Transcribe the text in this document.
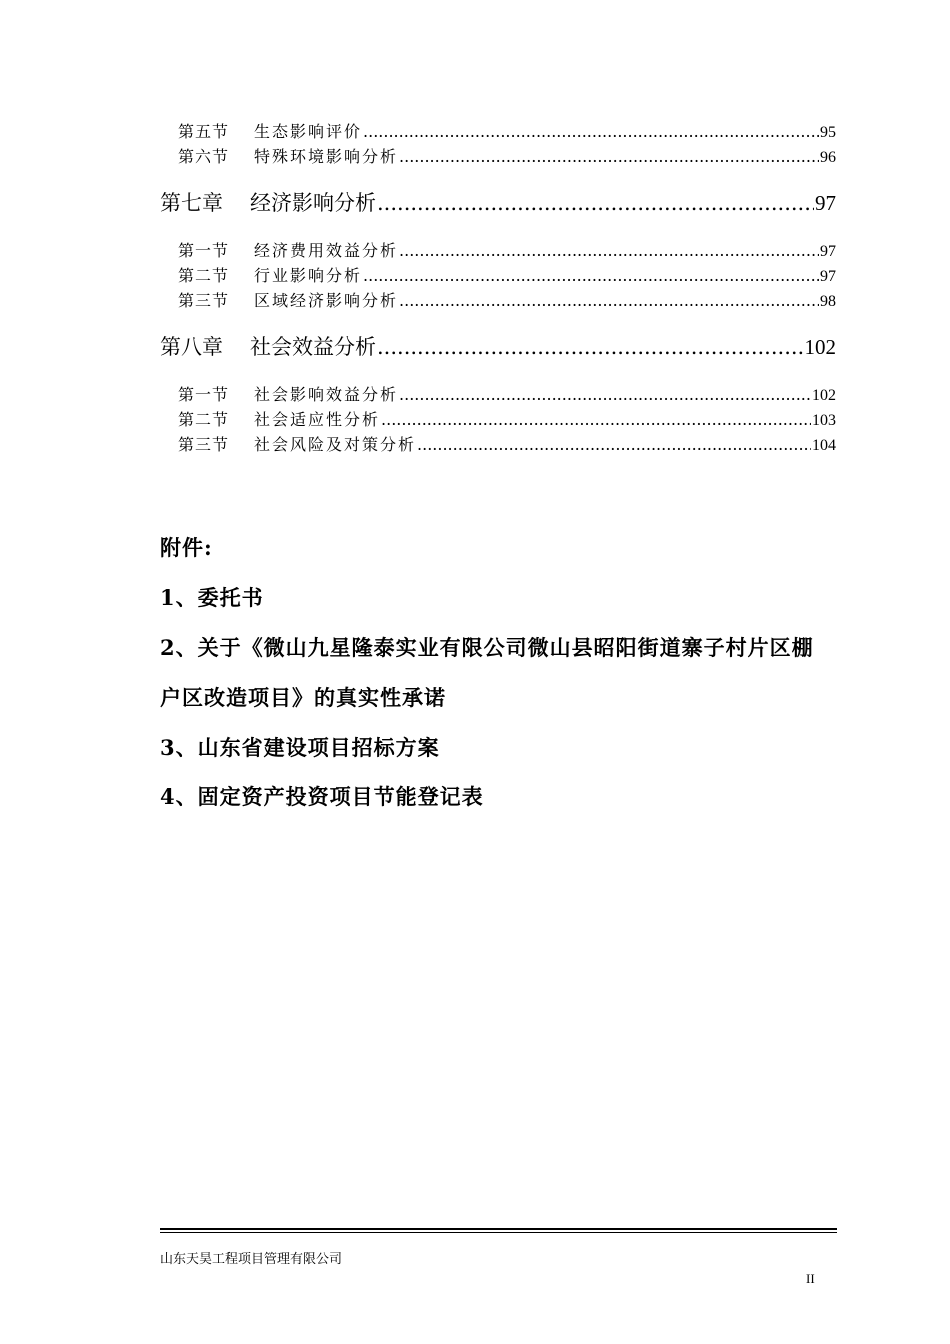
第五节	生态影响评价 .....	95
第六节	特殊环境影响分析 .....	96
第七章	经济影响分析 .....	97
第一节	经济费用效益分析 .....	97
第二节	行业影响分析 .....	97
第三节	区域经济影响分析 .....	98
第八章	社会效益分析 .....	102
第一节	社会影响效益分析 .....	102
第二节	社会适应性分析 .....	103
第三节	社会风险及对策分析 .....	104
附件:
1、委托书
2、关于《微山九星隆泰实业有限公司微山县昭阳街道寨子村片区棚
户区改造项目》的真实性承诺
3、山东省建设项目招标方案
4、固定资产投资项目节能登记表
山东天昊工程项目管理有限公司
II
